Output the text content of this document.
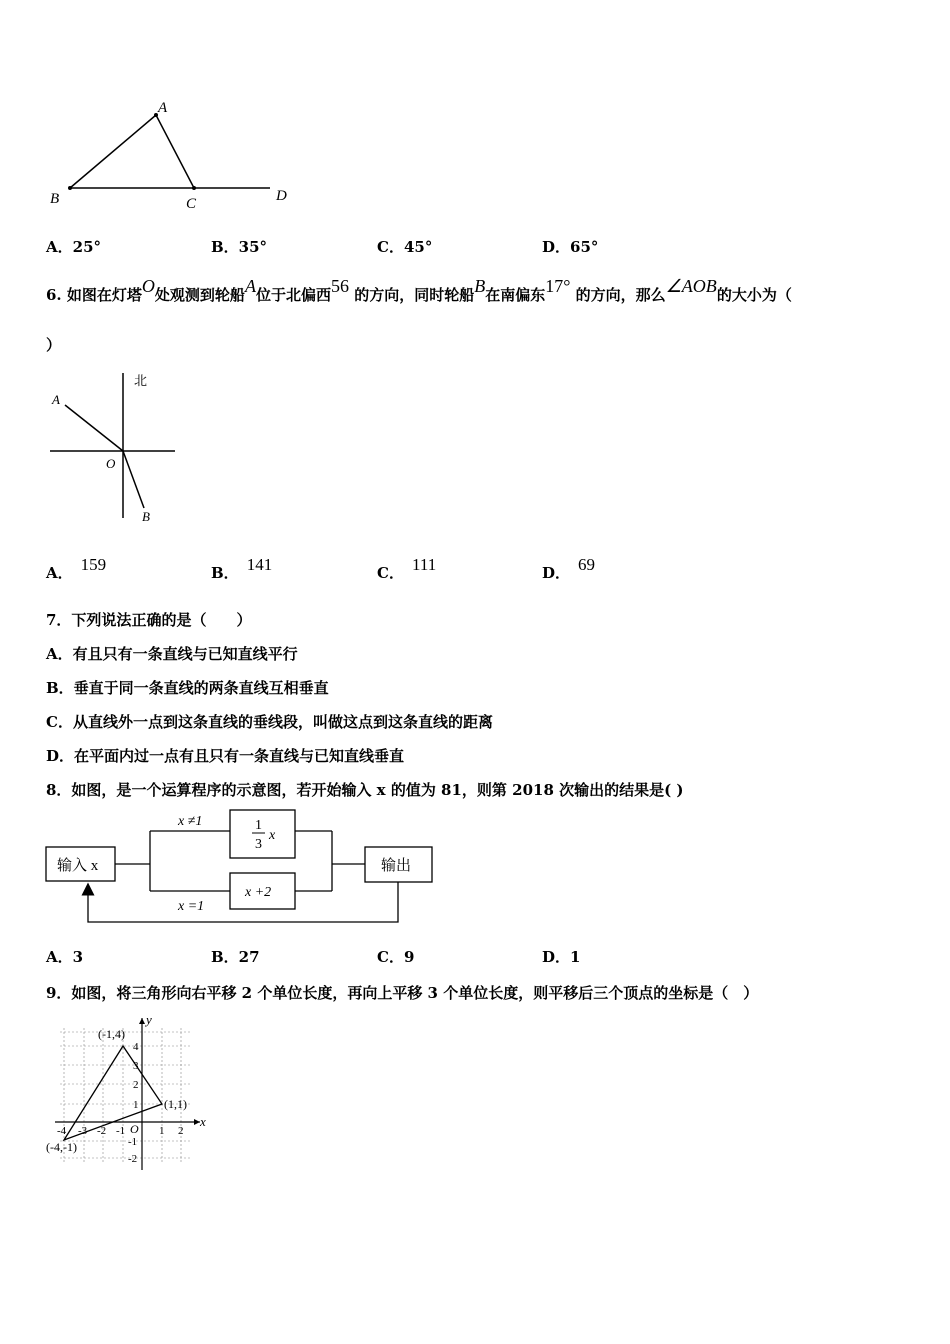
A
B	C	D
A．25°	B．35°	C．45°	D．65°
6. 如图在灯塔O处观测到轮船A位于北偏西56 的方向，同时轮船B在南偏东17° 的方向，那么∠AOB的大小为（
）
北
A
O
B
A． 159	B． 141	C． 111	D． 69
7．下列说法正确的是（　　）
A．有且只有一条直线与已知直线平行
B．垂直于同一条直线的两条直线互相垂直
C．从直线外一点到这条直线的垂线段，叫做这点到这条直线的距离
D．在平面内过一点有且只有一条直线与已知直线垂直
8．如图，是一个运算程序的示意图，若开始输入 x 的值为 81，则第 2018 次输出的结果是( )
输入 x
x ≠1
x =1
1
3
x
x +2
输出
A．3	B．27	C．9	D．1
9．如图，将三角形向右平移 2 个单位长度，再向上平移 3 个单位长度，则平移后三个顶点的坐标是（　）
x
y
(-1,4)
(1,1)
(-4,-1)
O
-4 -3 -2 -1	1 2
4
3
2
1
-1
-2
